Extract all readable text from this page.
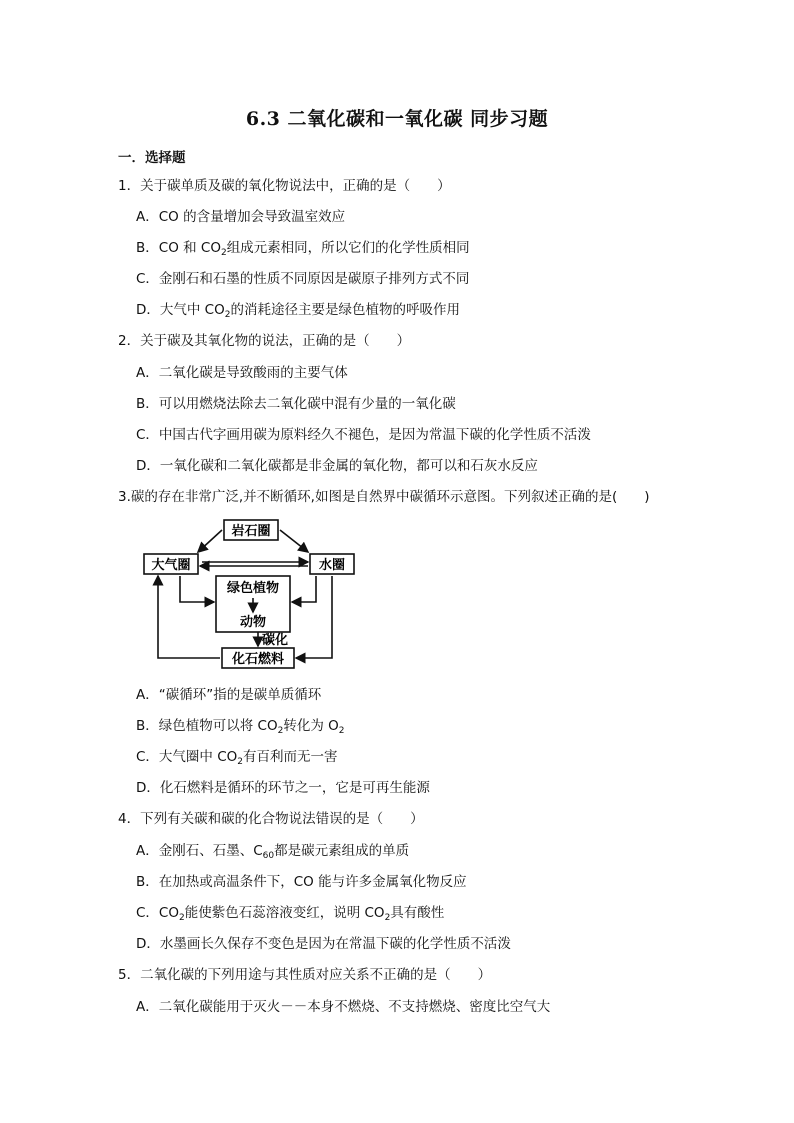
6.3 二氧化碳和一氧化碳 同步习题
一．选择题
1．关于碳单质及碳的氧化物说法中，正确的是（　　）
A．CO 的含量增加会导致温室效应
B．CO 和 $CO_2$组成元素相同，所以它们的化学性质相同
C．金刚石和石墨的性质不同原因是碳原子排列方式不同
D．大气中 $CO_2$的消耗途径主要是绿色植物的呼吸作用
2．关于碳及其氧化物的说法，正确的是（　　）
A．二氧化碳是导致酸雨的主要气体
B．可以用燃烧法除去二氧化碳中混有少量的一氧化碳
C．中国古代字画用碳为原料经久不褪色，是因为常温下碳的化学性质不活泼
D．一氧化碳和二氧化碳都是非金属的氧化物，都可以和石灰水反应
3.碳的存在非常广泛,并不断循环,如图是自然界中碳循环示意图。下列叙述正确的是(　　)
岩石圈
大气圈	水圈
绿色植物
动物
碳化
化石燃料
A．“碳循环”指的是碳单质循环
B．绿色植物可以将 $CO_2$转化为 $O_2$
C．大气圈中 $CO_2$有百利而无一害
D．化石燃料是循环的环节之一，它是可再生能源
4．下列有关碳和碳的化合物说法错误的是（　　）
A．金刚石、石墨、$C_{60}$都是碳元素组成的单质
B．在加热或高温条件下，CO 能与许多金属氧化物反应
C．$CO_2$能使紫色石蕊溶液变红，说明 $CO_2$具有酸性
D．水墨画长久保存不变色是因为在常温下碳的化学性质不活泼
5．二氧化碳的下列用途与其性质对应关系不正确的是（　　）
A．二氧化碳能用于灭火－－本身不燃烧、不支持燃烧、密度比空气大
